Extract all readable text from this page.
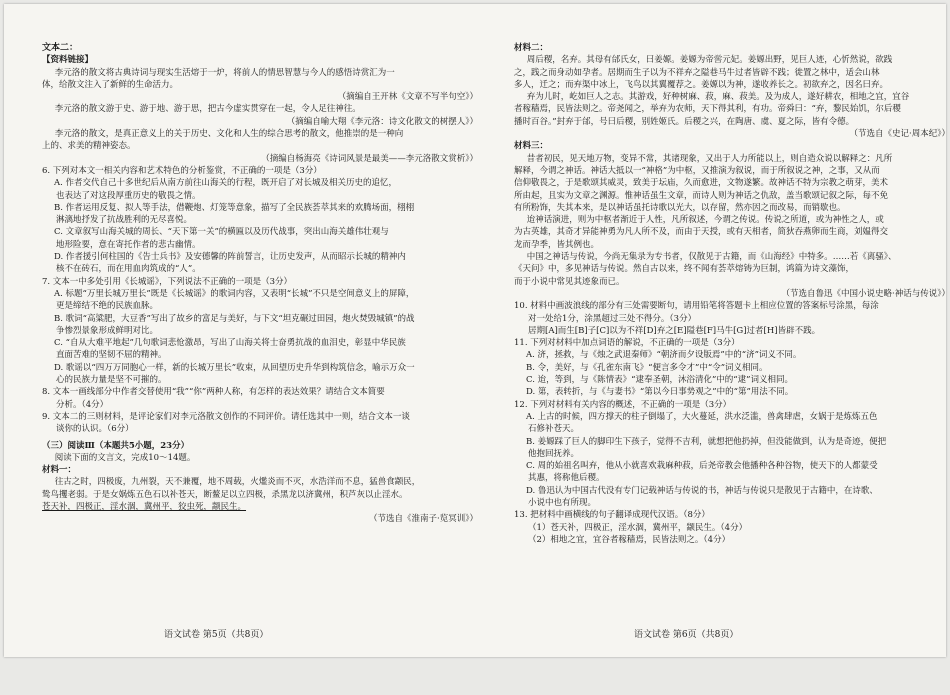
文本二：
【资料链接】
李元洛的散文将古典诗词与现实生活熔于一炉，将前人的情思智慧与今人的感悟诗赏汇为一
体，给散文注入了新鲜的生命活力。
（摘编自王开林《文章不写半句空》）
李元洛的散文游于史、游于地、游于思，把古今虚实贯穿在一起，令人足往神往。
（摘编自喻大翔《李元洛：诗文化散文的树摆人》）
李元洛的散文，是真正意义上的关于历史、文化和人生的综合思考的散文，他推崇的是一种向
上的、求美的精神姿态。
（摘编自杨海亮《诗词风景是最美——李元洛散文赏析》）
6. 下列对本文一相关内容和艺术特色的分析鉴赏，不正确的一项是（3分）
A. 作者交代自己十多世纪后从南方前往山海关的行程，既开启了对长城及相关历史的追忆，
也表达了对这段厚重历史的敬畏之情。
B. 作者运用反复、拟人等手法，借鞭炮、灯笼等意象，描写了全民族荟萃其来的欢腾场面，栩栩
淋漓地抒发了抗战胜利的无尽喜悦。
C. 文章叙写山海关城的周长、“天下第一关”的横匾以及历代战事，突出山海关雄伟壮观与
地形险要，意在寄托作者的悲古幽情。
D. 作者援引何柱国的《告士兵书》及安德馨的阵前誓言，让历史发声，从而昭示长城的精神内
核不在砖石，而在用血肉筑成的“人”。
7. 文本一中多处引用《长城谣》，下列说法不正确的一项是（3分）
A. 标题“万里长城万里长”既是《长城谣》的歌词内容，又表明“长城”不只是空间意义上的屏障，
更是缔结不绝的民族血脉。
B. 歌词“高粱肥，大豆香”写出了故乡的富足与美好，与下文“坦克碾过田园，炮火焚毁城镇”的战
争惨烈景象形成鲜明对比。
C. “自从大难平地起”几句歌词悲怆激昂，写出了山海关将士奋勇抗战的血泪史，彰显中华民族
直面苦难的坚韧不屈的精神。
D. 歌谣以“四万万同胞心一样，新的长城万里长”收束，从回望历史升华到构筑信念，喻示万众一
心的民族力量是坚不可摧的。
8. 文本一画线部分中作者交替使用“我”“你”两种人称，有怎样的表达效果？请结合文本简要
分析。（4分）
9. 文本二的三则材料，是评论家们对李元洛散文创作的不同评价。请任选其中一则，结合文本一谈
谈你的认识。（6分）
（三）阅读Ⅲ（本题共5小题，23分）
阅读下面的文言文，完成10～14题。
材料一：
往古之时，四极废，九州裂，天不兼覆，地不周载，火爁炎而不灭，水浩洋而不息，猛兽食颛民，
鸷鸟攫老弱。于是女娲炼五色石以补苍天，断鳌足以立四极，杀黑龙以济冀州，积芦灰以止淫水。
苍天补，四极正，淫水涸，冀州平，狡虫死，颛民生。
（节选自《淮南子·览冥训》）
材料二：
周后稷，名弃。其母有邰氏女，曰姜嫄。姜嫄为帝喾元妃。姜嫄出野，见巨人迹，心忻然说，欲践
之，践之而身动如孕者。居期而生子以为不祥弃之隘巷马牛过者皆辟不践；徙置之林中，适会山林
多人，迁之；而弃渠中冰上，飞鸟以其翼覆荐之。姜嫄以为神，遂收养长之。初欲弃之，因名曰弃。
弃为儿时，屹如巨人之志。其游戏，好种树麻、菽，麻、菽美。及为成人，遂好耕农，相地之宜，宜谷
者稼穑焉，民皆法则之。帝尧闻之，举弃为农师，天下得其利，有功。帝舜曰：“弃，黎民始饥，尔后稷
播时百谷。”封弃于邰，号曰后稷，别姓姬氏。后稷之兴，在陶唐、虞、夏之际，皆有令德。
（节选自《史记·周本纪》）
材料三：
昔者初民，见天地万物，变异不常，其诸现象，又出于人力所能以上，则自造众说以解释之：凡所
解释，今谓之神话。神话大抵以一“神格”为中枢，又推演为叙说，而于所叙说之神，之事，又从而
信仰敬畏之，于是歌颂其威灵，致美于坛庙，久而愈进，文物遂繁。故神话不特为宗教之萌芽，美术
所由起，且实为文章之渊源。惟神话虽生文章，而诗人则为神话之仇敌，盖当歌颂记叙之际，每不免
有所粉饰，失其本来，是以神话虽托诗歌以光大，以存留，然亦因之而改易，而销歇也。
迨神话演进，则为中枢者渐近于人性，凡所叙述，今谓之传说。传说之所道，或为神性之人，或
为古英雄，其奇才异能神勇为凡人所不及，而由于天授，或有天相者，简狄吞燕卵而生商，刘媪得交
龙而孕季，皆其例也。
中国之神话与传说，今尚无集录为专书者，仅散见于古籍，而《山海经》中特多。……若《离骚》、
《天问》中，多见神话与传说。然自古以来，终不闻有荟萃熔铸为巨制，鸿篇为诗文藻饰，
而于小说中常见其迹象而已。
（节选自鲁迅《中国小说史略·神话与传说》）
10. 材料中画波浪线的部分有三处需要断句，请用铅笔将答题卡上相应位置的答案标号涂黑，每涂
对一处给1分，涂黑超过三处不得分。（3分）
居期[A]而生[B]子[C]以为不祥[D]弃之[E]隘巷[F]马牛[G]过者[H]皆辟不践。
11. 下列对材料中加点词语的解说，不正确的一项是（3分）
A. 济，拯救，与《烛之武退秦师》“朝济而夕设版焉”中的“济”词义不同。
B. 令，美好，与《孔雀东南飞》“便言多令才”中“令”词义相同。
C. 迨，等到，与《陈情表》“逮奉圣朝，沐浴清化”中的“逮”词义相同。
D. 第，表转折，与《与妻书》“第以今日事势观之”中的“第”用法不同。
12. 下列对材料有关内容的概述，不正确的一项是（3分）
A. 上古的时候，四方撑天的柱子倒塌了，大火蔓延，洪水泛滥，兽禽肆虐，女娲于是炼炼五色
石修补苍天。
B. 姜嫄踩了巨人的脚印生下孩子，觉得不吉利，就想把他扔掉，但没能做到，认为是奇迹，便把
他抱回抚养。
C. 周的始祖名叫弃，他从小就喜欢栽麻种菽，后尧帝教会他播种各种谷物，使天下的人都蒙受
其惠，将称他后稷。
D. 鲁迅认为中国古代没有专门记载神话与传说的书，神话与传说只是散见于古籍中，在诗歌、
小说中也有所现。
13. 把材料中画横线的句子翻译成现代汉语。（8分）
（1）苍天补，四极正，淫水涸，冀州平，颛民生。（4分）
（2）相地之宜，宜谷者稼穑焉，民皆法则之。（4分）
语文试卷 第5页（共8页）	语文试卷 第6页（共8页）
